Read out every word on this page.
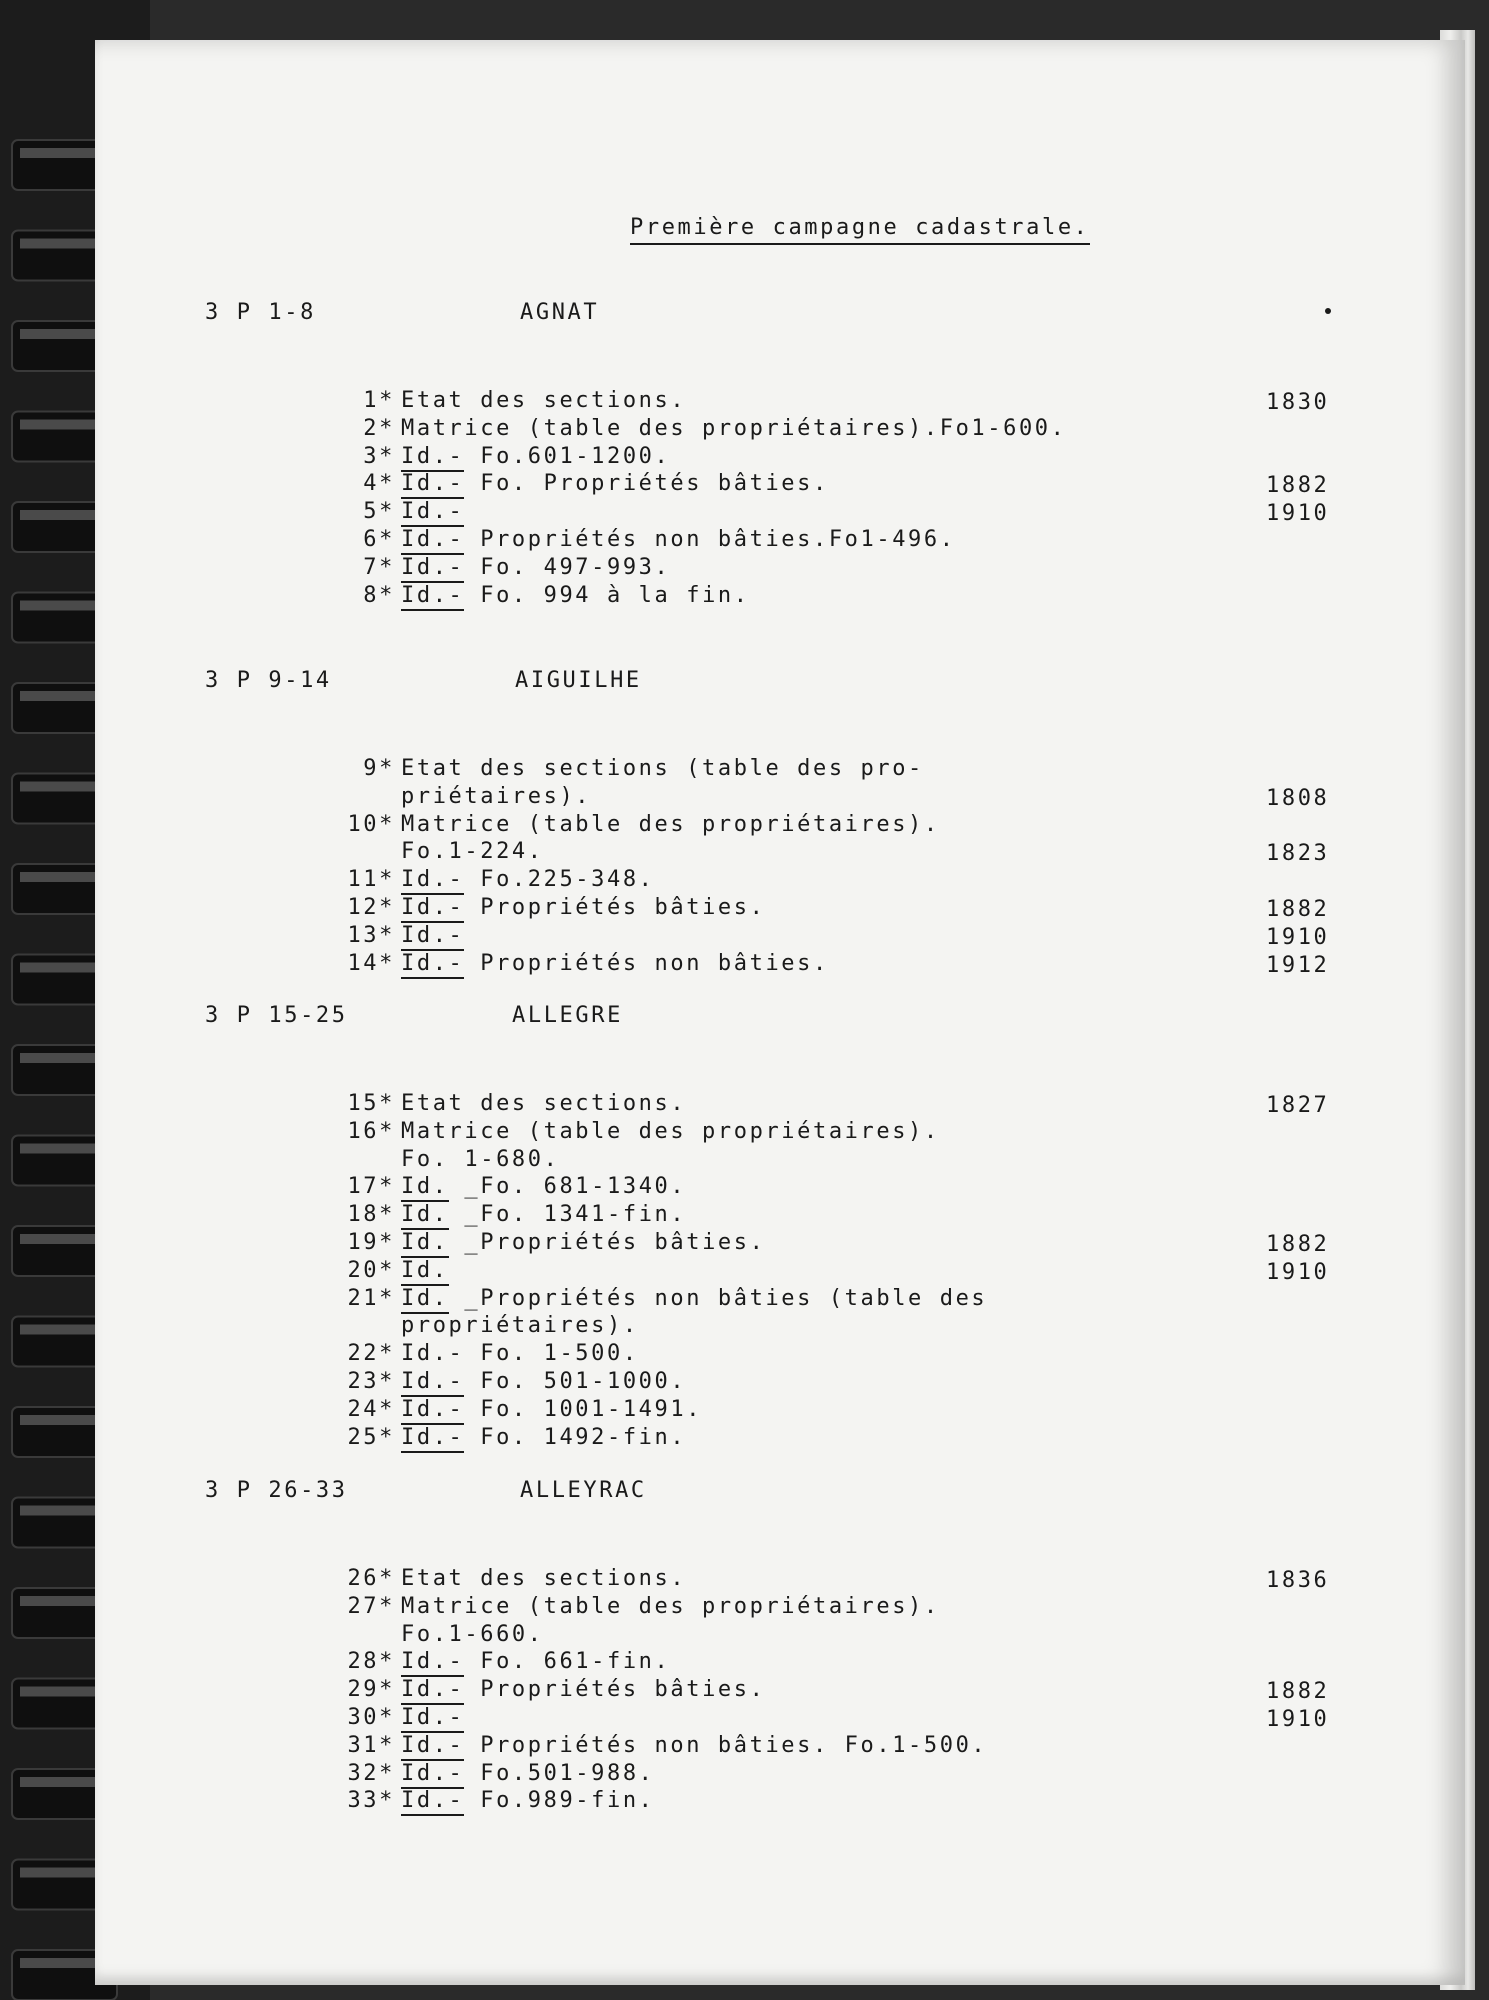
Première campagne cadastrale.
3 P 1-8	AGNAT
1* Etat des sections.	1830
2* Matrice (table des propriétaires).Fo1-600.
3* Id.- Fo.601-1200.
4* Id.- Fo. Propriétés bâties.	1882
5* Id.-	1910
6* Id.- Propriétés non bâties.Fo1-496.
7* Id.- Fo. 497-993.
8* Id.- Fo. 994 à la fin.
3 P 9-14	AIGUILHE
9* Etat des sections (table des pro-
priétaires).	1808
10* Matrice (table des propriétaires).
Fo.1-224.	1823
11* Id.- Fo.225-348.
12* Id.- Propriétés bâties.	1882
13* Id.-	1910
14* Id.- Propriétés non bâties.	1912
3 P 15-25	ALLEGRE
15* Etat des sections.	1827
16* Matrice (table des propriétaires).
Fo. 1-680.
17* Id. _Fo. 681-1340.
18* Id. _Fo. 1341-fin.
19* Id. _Propriétés bâties.	1882
20* Id.	1910
21* Id. _Propriétés non bâties (table des
propriétaires).
22* Id.- Fo. 1-500.
23* Id.- Fo. 501-1000.
24* Id.- Fo. 1001-1491.
25* Id.- Fo. 1492-fin.
3 P 26-33	ALLEYRAC
26* Etat des sections.	1836
27* Matrice (table des propriétaires).
Fo.1-660.
28* Id.- Fo. 661-fin.
29* Id.- Propriétés bâties.	1882
30* Id.-	1910
31* Id.- Propriétés non bâties. Fo.1-500.
32* Id.- Fo.501-988.
33* Id.- Fo.989-fin.
